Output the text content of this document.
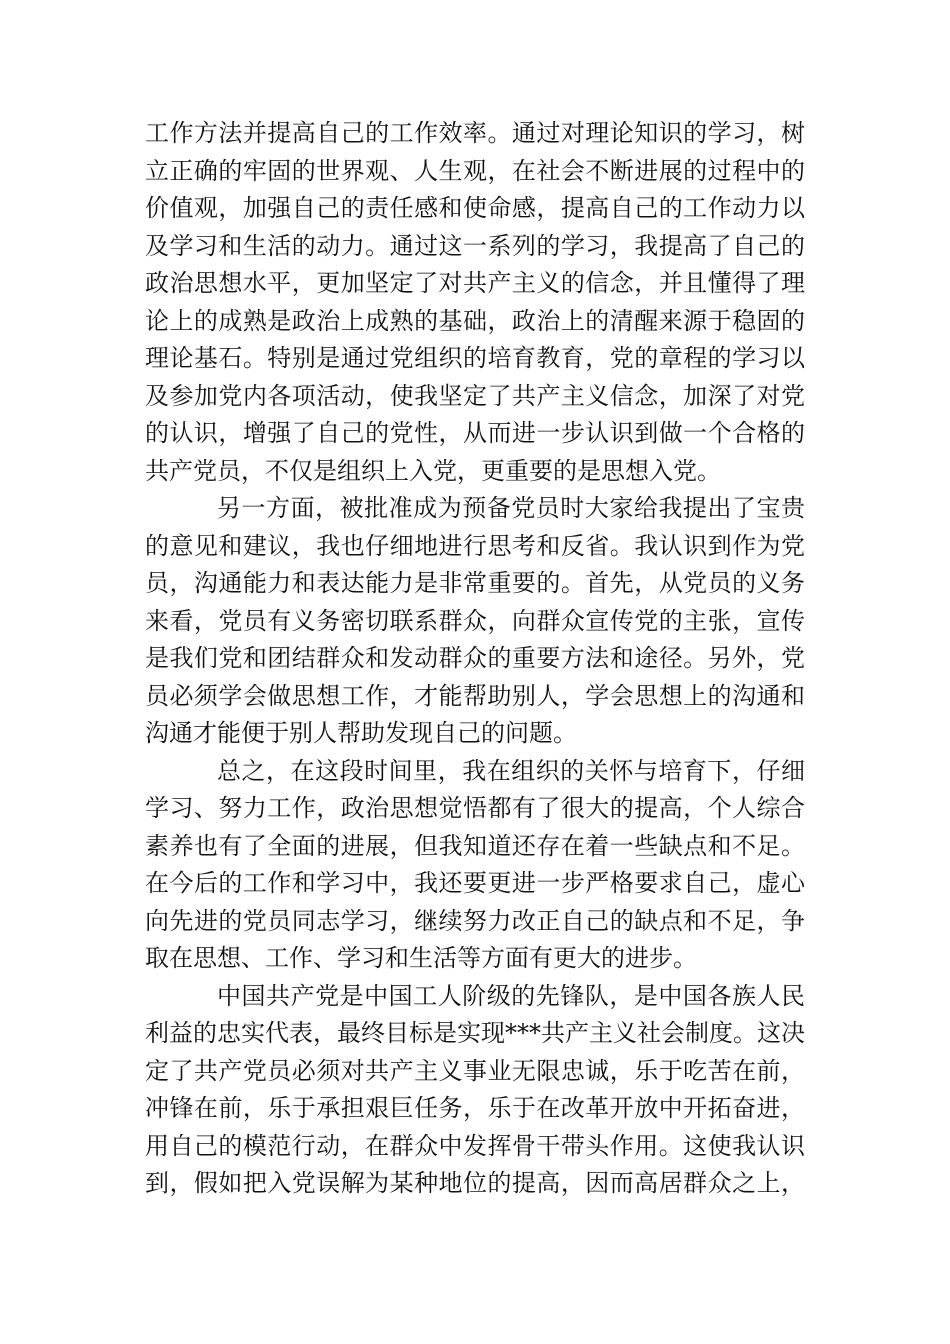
工作方法并提高自己的工作效率。通过对理论知识的学习，树
立正确的牢固的世界观、人生观，在社会不断进展的过程中的
价值观，加强自己的责任感和使命感，提高自己的工作动力以
及学习和生活的动力。通过这一系列的学习，我提高了自己的
政治思想水平，更加坚定了对共产主义的信念，并且懂得了理
论上的成熟是政治上成熟的基础，政治上的清醒来源于稳固的
理论基石。特别是通过党组织的培育教育，党的章程的学习以
及参加党内各项活动，使我坚定了共产主义信念，加深了对党
的认识，增强了自己的党性，从而进一步认识到做一个合格的
共产党员，不仅是组织上入党，更重要的是思想入党。
另一方面，被批准成为预备党员时大家给我提出了宝贵
的意见和建议，我也仔细地进行思考和反省。我认识到作为党
员，沟通能力和表达能力是非常重要的。首先，从党员的义务
来看，党员有义务密切联系群众，向群众宣传党的主张，宣传
是我们党和团结群众和发动群众的重要方法和途径。另外，党
员必须学会做思想工作，才能帮助别人，学会思想上的沟通和
沟通才能便于别人帮助发现自己的问题。
总之，在这段时间里，我在组织的关怀与培育下，仔细
学习、努力工作，政治思想觉悟都有了很大的提高，个人综合
素养也有了全面的进展，但我知道还存在着一些缺点和不足。
在今后的工作和学习中，我还要更进一步严格要求自己，虚心
向先进的党员同志学习，继续努力改正自己的缺点和不足，争
取在思想、工作、学习和生活等方面有更大的进步。
中国共产党是中国工人阶级的先锋队，是中国各族人民
利益的忠实代表，最终目标是实现***共产主义社会制度。这决
定了共产党员必须对共产主义事业无限忠诚，乐于吃苦在前，
冲锋在前，乐于承担艰巨任务，乐于在改革开放中开拓奋进，
用自己的模范行动，在群众中发挥骨干带头作用。这使我认识
到，假如把入党误解为某种地位的提高，因而高居群众之上，
